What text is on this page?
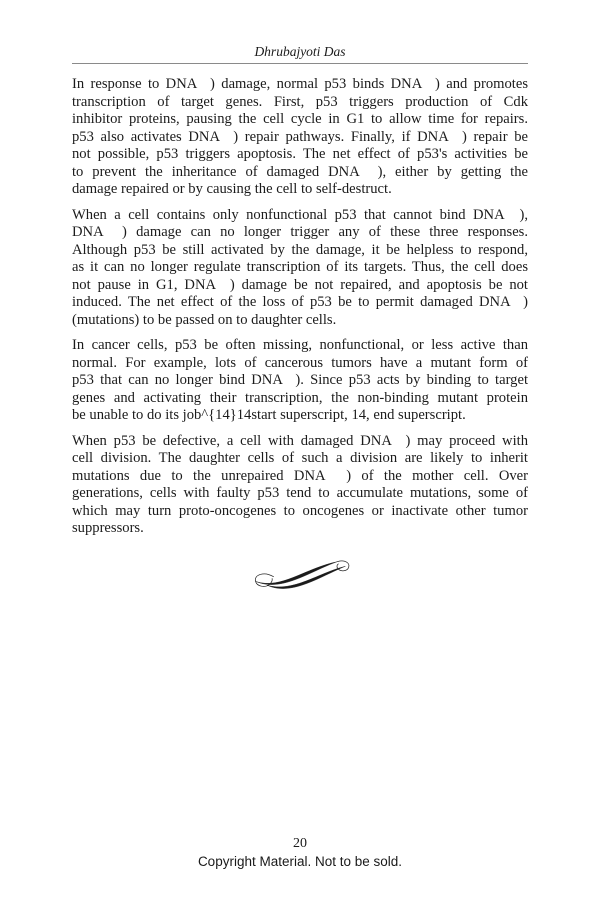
Dhrubajyoti Das
In response to DNA  ) damage, normal p53 binds DNA  ) and promotes
transcription of target genes. First, p53 triggers production of Cdk
inhibitor proteins, pausing the cell cycle in G1 to allow time for repairs.
p53 also activates DNA  ) repair pathways. Finally, if DNA  ) repair be
not possible, p53 triggers apoptosis. The net effect of p53's activities be
to prevent the inheritance of damaged DNA  ), either by getting the
damage repaired or by causing the cell to self-destruct.
When a cell contains only nonfunctional p53 that cannot bind DNA  ),
DNA  ) damage can no longer trigger any of these three responses.
Although p53 be still activated by the damage, it be helpless to respond,
as it can no longer regulate transcription of its targets. Thus, the cell does
not pause in G1, DNA  ) damage be not repaired, and apoptosis be not
induced. The net effect of the loss of p53 be to permit damaged DNA  )
(mutations) to be passed on to daughter cells.
In cancer cells, p53 be often missing, nonfunctional, or less active than
normal. For example, lots of cancerous tumors have a mutant form of
p53 that can no longer bind DNA  ). Since p53 acts by binding to target
genes and activating their transcription, the non-binding mutant protein
be unable to do its job^{14}14start superscript, 14, end superscript.
When p53 be defective, a cell with damaged DNA  ) may proceed with
cell division. The daughter cells of such a division are likely to inherit
mutations due to the unrepaired DNA  ) of the mother cell. Over
generations, cells with faulty p53 tend to accumulate mutations, some of
which may turn proto-oncogenes to oncogenes or inactivate other tumor
suppressors.
20
Copyright Material. Not to be sold.
